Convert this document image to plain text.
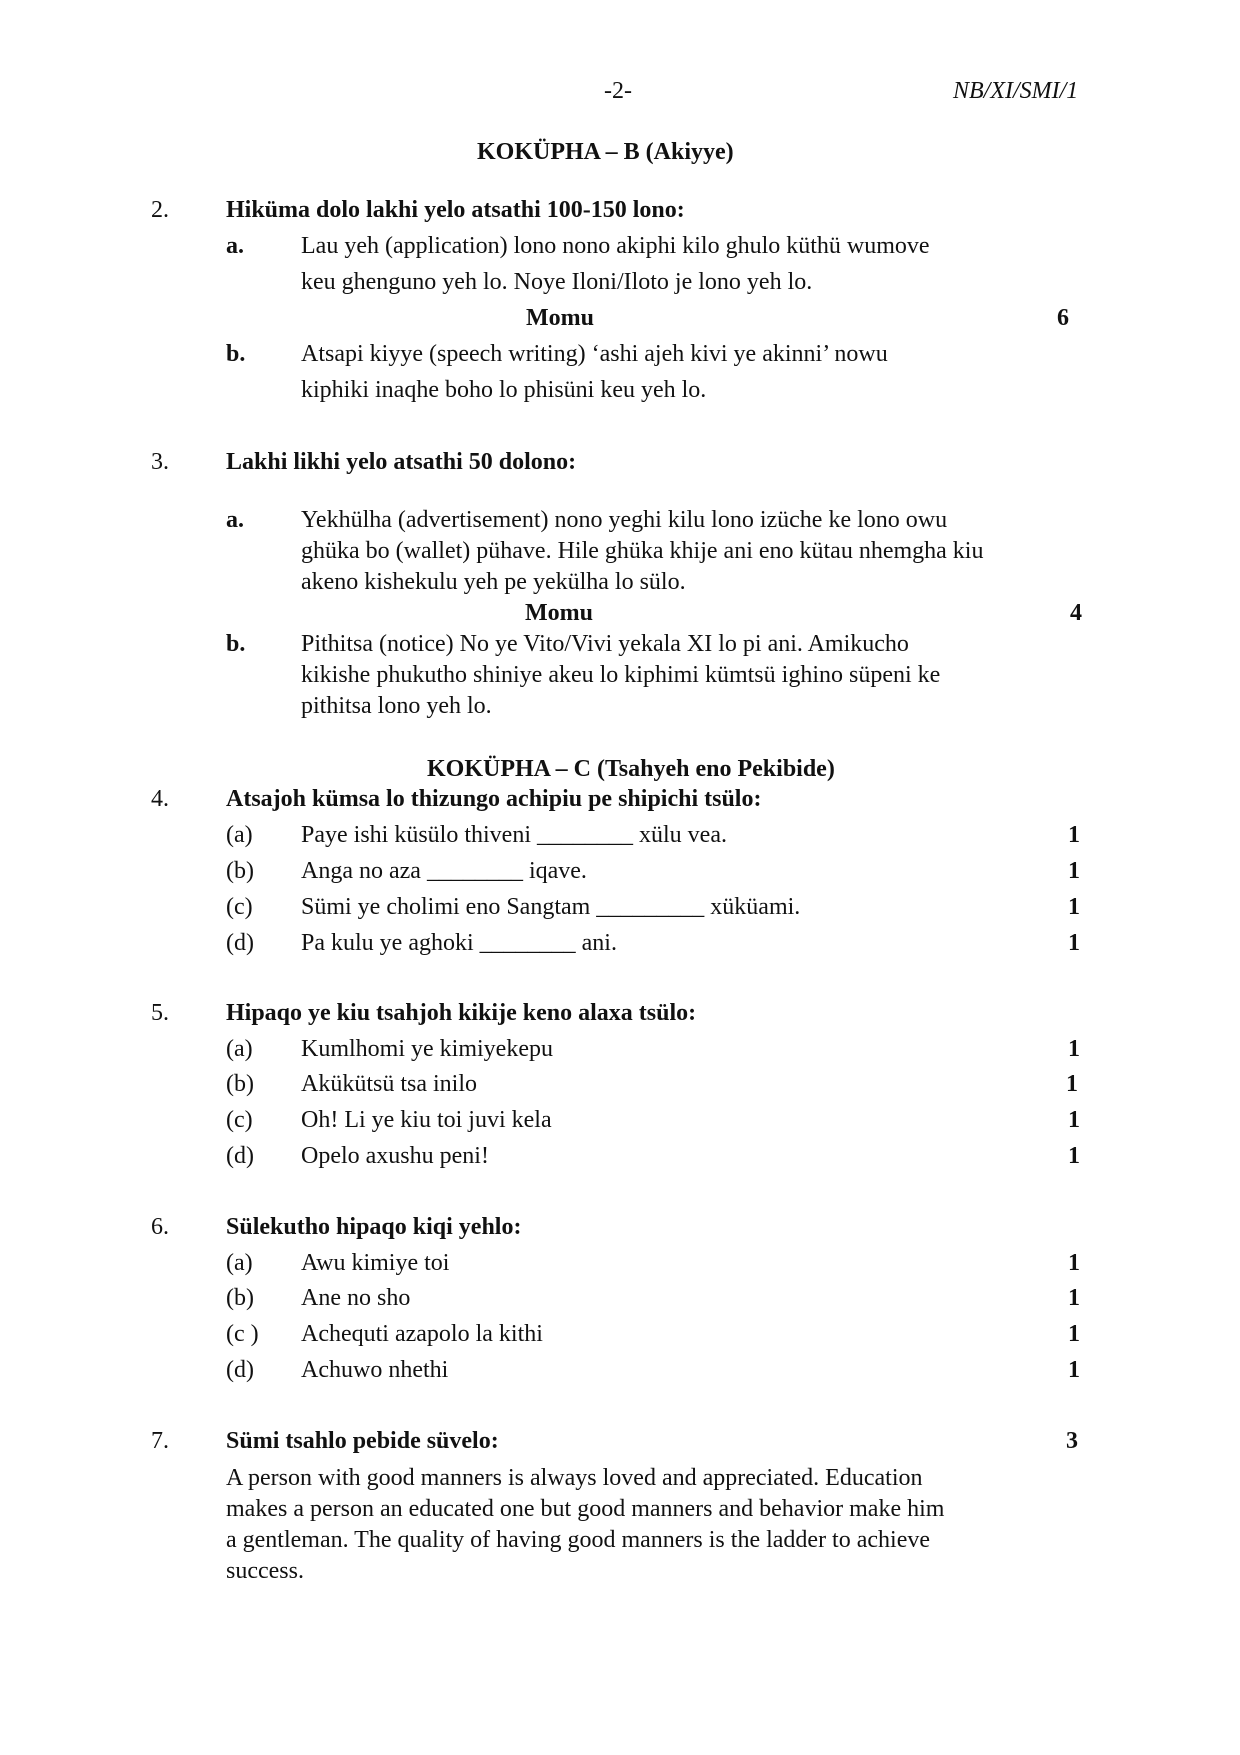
-2-	NB/XI/SMI/1
KOKÜPHA – B (Akiyye)
2. Hiküma dolo lakhi yelo atsathi 100-150 lono:
a. Lau yeh (application) lono nono akiphi kilo ghulo küthü wumove
keu ghenguno yeh lo. Noye Iloni/Iloto je lono yeh lo.
Momu	6
b. Atsapi kiyye (speech writing) ‘ashi ajeh kivi ye akinni’ nowu
kiphiki inaqhe boho lo phisüni keu yeh lo.
3. Lakhi likhi yelo atsathi 50 dolono:
a. Yekhülha (advertisement) nono yeghi kilu lono izüche ke lono owu
ghüka bo (wallet) pühave. Hile ghüka khije ani eno kütau nhemgha kiu
akeno kishekulu yeh pe yekülha lo sülo.
Momu	4
b. Pithitsa (notice) No ye Vito/Vivi yekala XI lo pi ani. Amikucho
kikishe phukutho shiniye akeu lo kiphimi kümtsü ighino süpeni ke
pithitsa lono yeh lo.
KOKÜPHA – C (Tsahyeh eno Pekibide)
4. Atsajoh kümsa lo thizungo achipiu pe shipichi tsülo:
(a) Paye ishi küsülo thiveni ________ xülu vea.	1
(b) Anga no aza ________ iqave.	1
(c) Sümi ye cholimi eno Sangtam _________ xüküami.	1
(d) Pa kulu ye aghoki ________ ani.	1
5. Hipaqo ye kiu tsahjoh kikije keno alaxa tsülo:
(a) Kumlhomi ye kimiyekepu	1
(b) Akükütsü tsa inilo	1
(c) Oh! Li ye kiu toi juvi kela	1
(d) Opelo axushu peni!	1
6. Sülekutho hipaqo kiqi yehlo:
(a) Awu kimiye toi	1
(b) Ane no sho	1
(c ) Achequti azapolo la kithi	1
(d) Achuwo nhethi	1
7. Sümi tsahlo pebide süvelo:	3
A person with good manners is always loved and appreciated. Education
makes a person an educated one but good manners and behavior make him
a gentleman. The quality of having good manners is the ladder to achieve
success.
